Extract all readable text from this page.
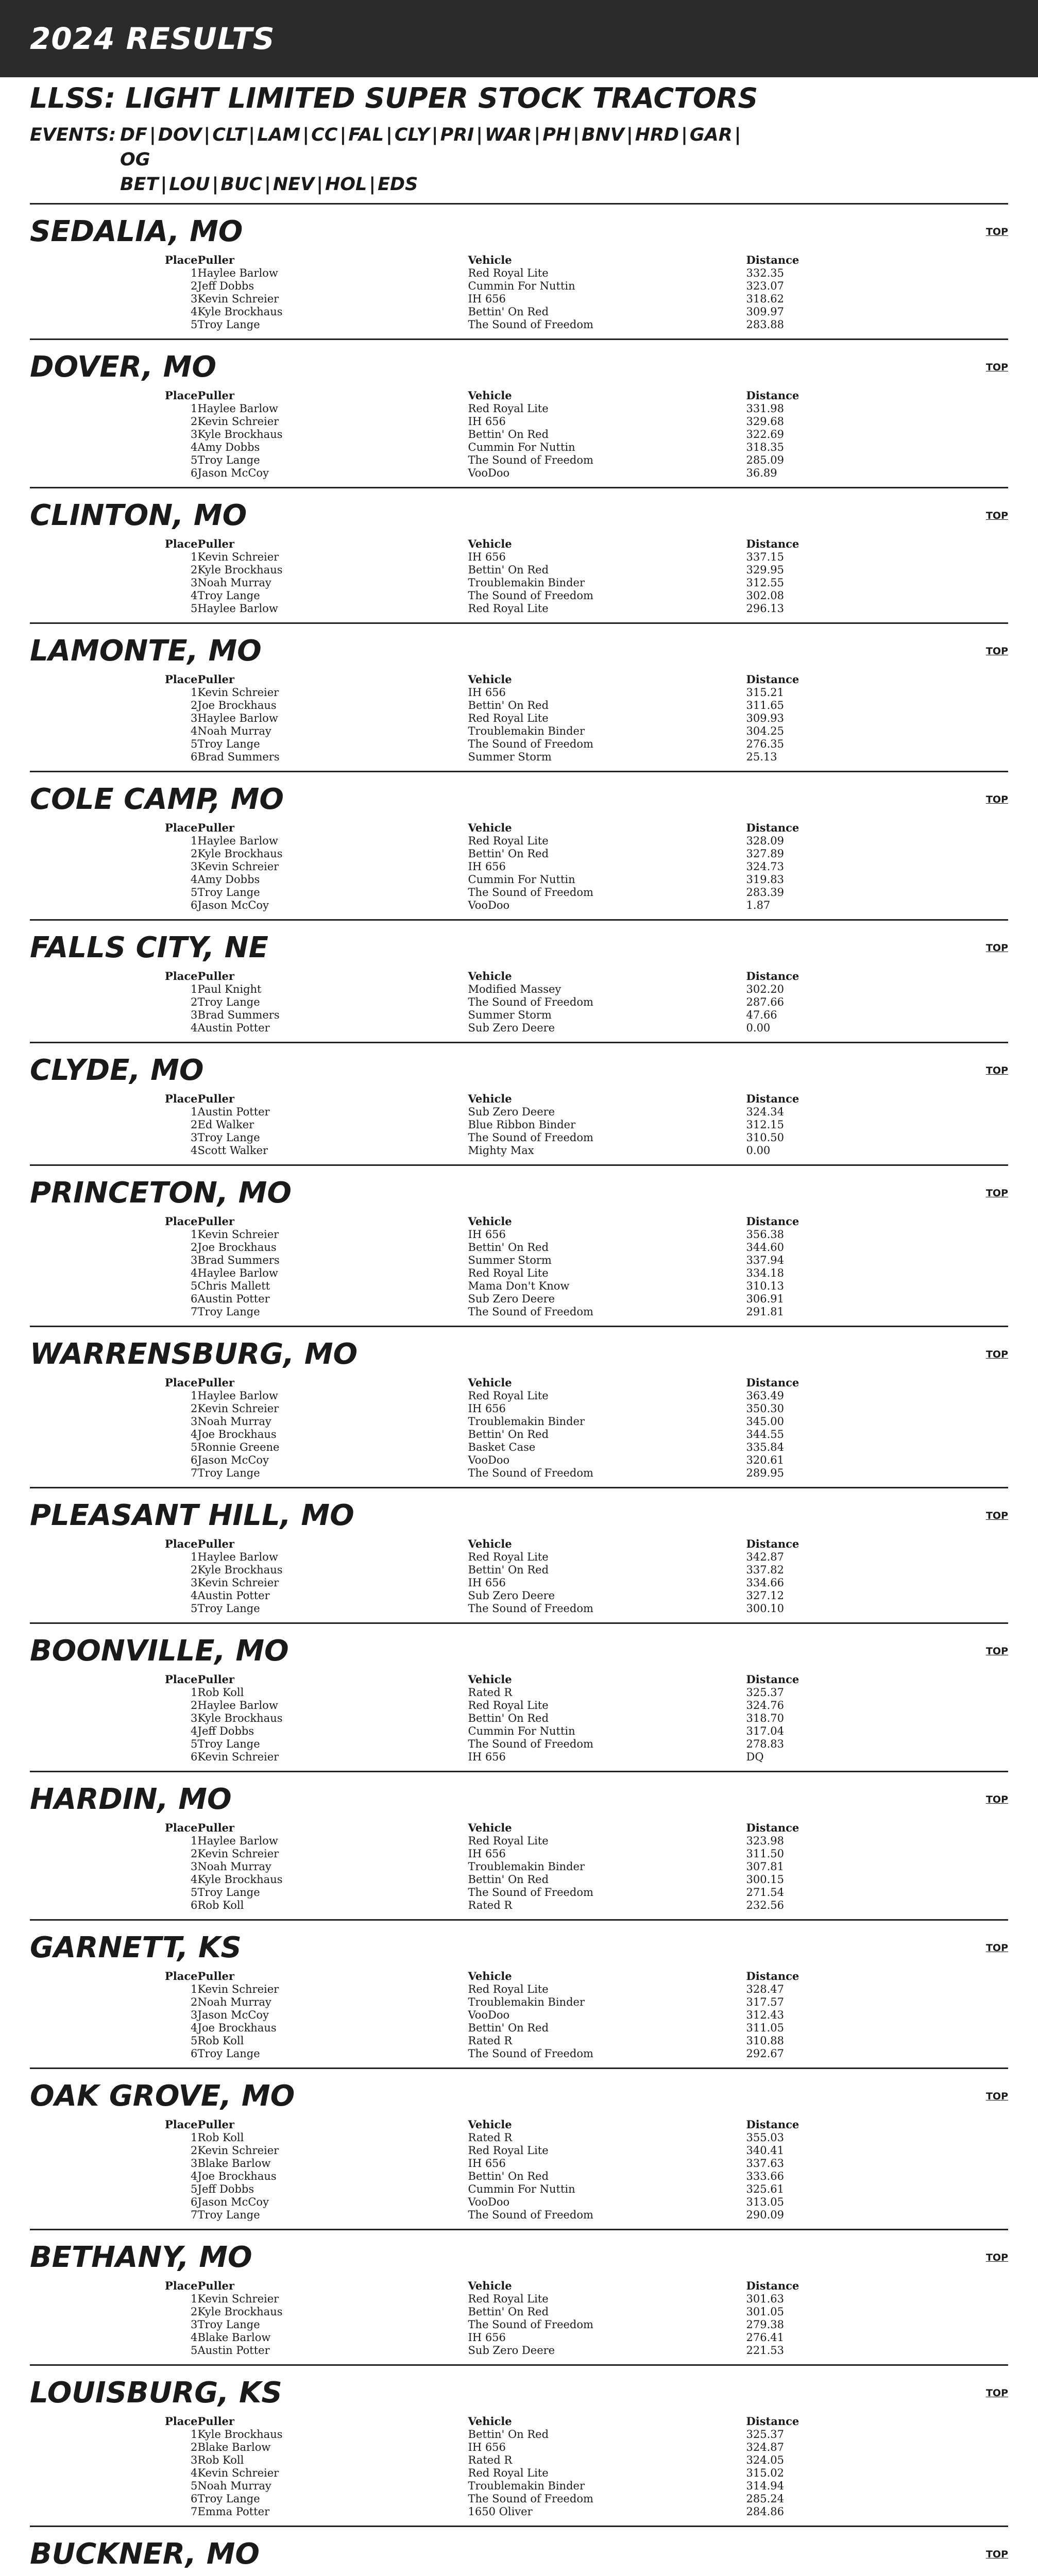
2024 RESULTS
LLSS: LIGHT LIMITED SUPER STOCK TRACTORS
EVENTS: DF | DOV | CLT | LAM | CC | FAL | CLY | PRI | WAR | PH | BNV | HRD | GAR |
OG
BET | LOU | BUC | NEV | HOL | EDS
SEDALIA, MO	TOP
Place	Puller	Vehicle	Distance
1	Haylee Barlow	Red Royal Lite	332.35
2	Jeff Dobbs	Cummin For Nuttin	323.07
3	Kevin Schreier	IH 656	318.62
4	Kyle Brockhaus	Bettin' On Red	309.97
5	Troy Lange	The Sound of Freedom	283.88
DOVER, MO	TOP
Place	Puller	Vehicle	Distance
1	Haylee Barlow	Red Royal Lite	331.98
2	Kevin Schreier	IH 656	329.68
3	Kyle Brockhaus	Bettin' On Red	322.69
4	Amy Dobbs	Cummin For Nuttin	318.35
5	Troy Lange	The Sound of Freedom	285.09
6	Jason McCoy	VooDoo	36.89
CLINTON, MO	TOP
Place	Puller	Vehicle	Distance
1	Kevin Schreier	IH 656	337.15
2	Kyle Brockhaus	Bettin' On Red	329.95
3	Noah Murray	Troublemakin Binder	312.55
4	Troy Lange	The Sound of Freedom	302.08
5	Haylee Barlow	Red Royal Lite	296.13
LAMONTE, MO	TOP
Place	Puller	Vehicle	Distance
1	Kevin Schreier	IH 656	315.21
2	Joe Brockhaus	Bettin' On Red	311.65
3	Haylee Barlow	Red Royal Lite	309.93
4	Noah Murray	Troublemakin Binder	304.25
5	Troy Lange	The Sound of Freedom	276.35
6	Brad Summers	Summer Storm	25.13
COLE CAMP, MO	TOP
Place	Puller	Vehicle	Distance
1	Haylee Barlow	Red Royal Lite	328.09
2	Kyle Brockhaus	Bettin' On Red	327.89
3	Kevin Schreier	IH 656	324.73
4	Amy Dobbs	Cummin For Nuttin	319.83
5	Troy Lange	The Sound of Freedom	283.39
6	Jason McCoy	VooDoo	1.87
FALLS CITY, NE	TOP
Place	Puller	Vehicle	Distance
1	Paul Knight	Modified Massey	302.20
2	Troy Lange	The Sound of Freedom	287.66
3	Brad Summers	Summer Storm	47.66
4	Austin Potter	Sub Zero Deere	0.00
CLYDE, MO	TOP
Place	Puller	Vehicle	Distance
1	Austin Potter	Sub Zero Deere	324.34
2	Ed Walker	Blue Ribbon Binder	312.15
3	Troy Lange	The Sound of Freedom	310.50
4	Scott Walker	Mighty Max	0.00
PRINCETON, MO	TOP
Place	Puller	Vehicle	Distance
1	Kevin Schreier	IH 656	356.38
2	Joe Brockhaus	Bettin' On Red	344.60
3	Brad Summers	Summer Storm	337.94
4	Haylee Barlow	Red Royal Lite	334.18
5	Chris Mallett	Mama Don't Know	310.13
6	Austin Potter	Sub Zero Deere	306.91
7	Troy Lange	The Sound of Freedom	291.81
WARRENSBURG, MO	TOP
Place	Puller	Vehicle	Distance
1	Haylee Barlow	Red Royal Lite	363.49
2	Kevin Schreier	IH 656	350.30
3	Noah Murray	Troublemakin Binder	345.00
4	Joe Brockhaus	Bettin' On Red	344.55
5	Ronnie Greene	Basket Case	335.84
6	Jason McCoy	VooDoo	320.61
7	Troy Lange	The Sound of Freedom	289.95
PLEASANT HILL, MO	TOP
Place	Puller	Vehicle	Distance
1	Haylee Barlow	Red Royal Lite	342.87
2	Kyle Brockhaus	Bettin' On Red	337.82
3	Kevin Schreier	IH 656	334.66
4	Austin Potter	Sub Zero Deere	327.12
5	Troy Lange	The Sound of Freedom	300.10
BOONVILLE, MO	TOP
Place	Puller	Vehicle	Distance
1	Rob Koll	Rated R	325.37
2	Haylee Barlow	Red Royal Lite	324.76
3	Kyle Brockhaus	Bettin' On Red	318.70
4	Jeff Dobbs	Cummin For Nuttin	317.04
5	Troy Lange	The Sound of Freedom	278.83
6	Kevin Schreier	IH 656	DQ
HARDIN, MO	TOP
Place	Puller	Vehicle	Distance
1	Haylee Barlow	Red Royal Lite	323.98
2	Kevin Schreier	IH 656	311.50
3	Noah Murray	Troublemakin Binder	307.81
4	Kyle Brockhaus	Bettin' On Red	300.15
5	Troy Lange	The Sound of Freedom	271.54
6	Rob Koll	Rated R	232.56
GARNETT, KS	TOP
Place	Puller	Vehicle	Distance
1	Kevin Schreier	Red Royal Lite	328.47
2	Noah Murray	Troublemakin Binder	317.57
3	Jason McCoy	VooDoo	312.43
4	Joe Brockhaus	Bettin' On Red	311.05
5	Rob Koll	Rated R	310.88
6	Troy Lange	The Sound of Freedom	292.67
OAK GROVE, MO	TOP
Place	Puller	Vehicle	Distance
1	Rob Koll	Rated R	355.03
2	Kevin Schreier	Red Royal Lite	340.41
3	Blake Barlow	IH 656	337.63
4	Joe Brockhaus	Bettin' On Red	333.66
5	Jeff Dobbs	Cummin For Nuttin	325.61
6	Jason McCoy	VooDoo	313.05
7	Troy Lange	The Sound of Freedom	290.09
BETHANY, MO	TOP
Place	Puller	Vehicle	Distance
1	Kevin Schreier	Red Royal Lite	301.63
2	Kyle Brockhaus	Bettin' On Red	301.05
3	Troy Lange	The Sound of Freedom	279.38
4	Blake Barlow	IH 656	276.41
5	Austin Potter	Sub Zero Deere	221.53
LOUISBURG, KS	TOP
Place	Puller	Vehicle	Distance
1	Kyle Brockhaus	Bettin' On Red	325.37
2	Blake Barlow	IH 656	324.87
3	Rob Koll	Rated R	324.05
4	Kevin Schreier	Red Royal Lite	315.02
5	Noah Murray	Troublemakin Binder	314.94
6	Troy Lange	The Sound of Freedom	285.24
7	Emma Potter	1650 Oliver	284.86
BUCKNER, MO	TOP
